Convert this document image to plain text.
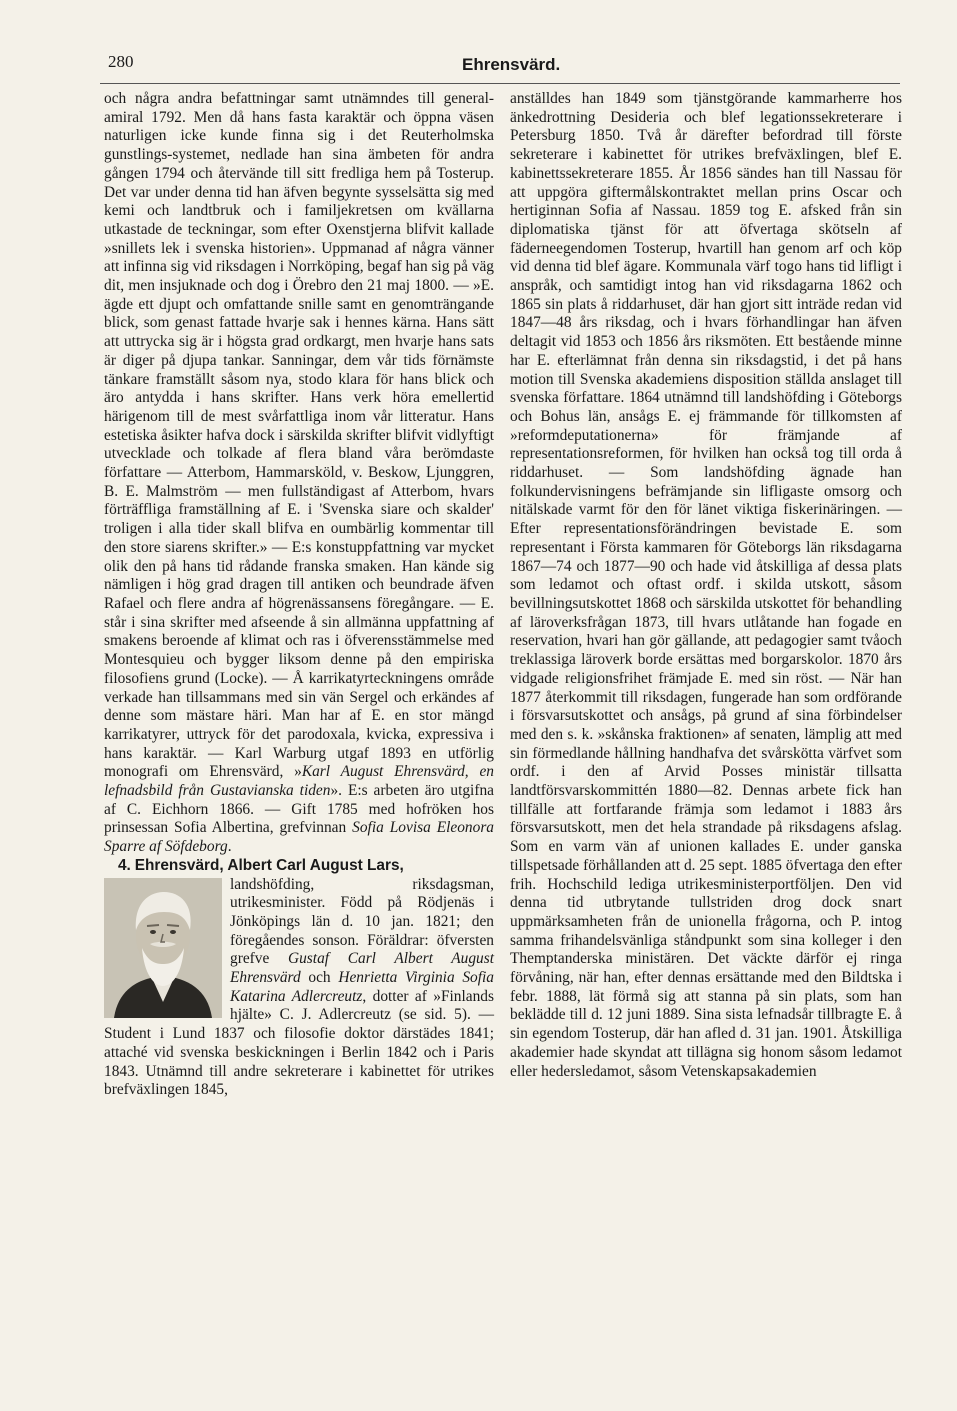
280	Ehrensvärd.

och några andra befattningar samt utnämndes till general-amiral 1792. Men då hans fasta karaktär och öppna väsen naturligen icke kunde finna sig i det Reuterholmska gunstlings-systemet, nedlade han sina ämbeten för andra gången 1794 och återvände till sitt fredliga hem på Tosterup. Det var under denna tid han äfven begynte sysselsätta sig med kemi och landtbruk och i familjekretsen om kvällarna utkastade de teckningar, som efter Oxenstjerna blifvit kallade »snillets lek i svenska historien». Uppmanad af några vänner att infinna sig vid riksdagen i Norrköping, begaf han sig på väg dit, men insjuknade och dog i Örebro den 21 maj 1800. — »E. ägde ett djupt och omfattande snille samt en genomträngande blick, som genast fattade hvarje sak i hennes kärna. Hans sätt att uttrycka sig är i högsta grad ordkargt, men hvarje hans sats är diger på djupa tankar. Sanningar, dem vår tids förnämste tänkare framställt såsom nya, stodo klara för hans blick och äro antydda i hans skrifter. Hans verk höra emellertid härigenom till de mest svårfattliga inom vår litteratur. Hans estetiska åsikter hafva dock i särskilda skrifter blifvit vidlyftigt utvecklade och tolkade af flera bland våra berömdaste författare — Atterbom, Hammarsköld, v. Beskow, Ljunggren, B. E. Malmström — men fullständigast af Atterbom, hvars förträffliga framställning af E. i 'Svenska siare och skalder' troligen i alla tider skall blifva en oumbärlig kommentar till den store siarens skrifter.» — E:s konstuppfattning var mycket olik den på hans tid rådande franska smaken. Han kände sig nämligen i hög grad dragen till antiken och beundrade äfven Rafael och flere andra af högrenässansens föregångare. — E. står i sina skrifter med afseende å sin allmänna uppfattning af smakens beroende af klimat och ras i öfverensstämmelse med Montesquieu och bygger liksom denne på den empiriska filosofiens grund (Locke). — Å karrikatyrteckningens område verkade han tillsammans med sin vän Sergel och erkändes af denne som mästare häri. Man har af E. en stor mängd karrikatyrer, uttryck för det parodoxala, kvicka, expressiva i hans karaktär. — Karl Warburg utgaf 1893 en utförlig monografi om Ehrensvärd, »Karl August Ehrensvärd, en lefnadsbild från Gustavianska tiden». E:s arbeten äro utgifna af C. Eichhorn 1866. — Gift 1785 med hofröken hos prinsessan Sofia Albertina, grefvinnan Sofia Lovisa Eleonora Sparre af Söfdeborg.

4. Ehrensvärd, Albert Carl August Lars,

landshöfding, riksdagsman, utrikesminister. Född på Rödjenäs i Jönköpings län d. 10 jan. 1821; den föregåendes sonson. Föräldrar: öfversten grefve Gustaf Carl Albert August Ehrensvärd och Henrietta Virginia Sofia Katarina Adlercreutz, dotter af »Finlands hjälte» C. J. Adlercreutz (se sid. 5). — Student i Lund 1837 och filosofie doktor därstädes 1841; attaché vid svenska beskickningen i Berlin 1842 och i Paris 1843. Utnämnd till andre sekreterare i kabinettet för utrikes brefväxlingen 1845,

anställdes han 1849 som tjänstgörande kammarherre hos änkedrottning Desideria och blef legationssekreterare i Petersburg 1850. Två år därefter befordrad till förste sekreterare i kabinettet för utrikes brefväxlingen, blef E. kabinettssekreterare 1855. År 1856 sändes han till Nassau för att uppgöra giftermålskontraktet mellan prins Oscar och hertiginnan Sofia af Nassau. 1859 tog E. afsked från sin diplomatiska tjänst för att öfvertaga skötseln af fäderneegendomen Tosterup, hvartill han genom arf och köp vid denna tid blef ägare. Kommunala värf togo hans tid lifligt i anspråk, och samtidigt intog han vid riksdagarna 1862 och 1865 sin plats å riddarhuset, där han gjort sitt inträde redan vid 1847—48 års riksdag, och i hvars förhandlingar han äfven deltagit vid 1853 och 1856 års riksmöten. Ett bestående minne har E. efterlämnat från denna sin riksdagstid, i det på hans motion till Svenska akademiens disposition ställda anslaget till svenska författare. 1864 utnämnd till landshöfding i Göteborgs och Bohus län, ansågs E. ej främmande för tillkomsten af »reformdeputationerna» för främjande af representationsreformen, för hvilken han också tog till orda å riddarhuset. — Som landshöfding ägnade han folkundervisningens befrämjande sin lifligaste omsorg och nitälskade varmt för den för länet viktiga fiskerinäringen. — Efter representationsförändringen bevistade E. som representant i Första kammaren för Göteborgs län riksdagarna 1867—74 och 1877—90 och hade vid åtskilliga af dessa plats som ledamot och oftast ordf. i skilda utskott, såsom bevillningsutskottet 1868 och särskilda utskottet för behandling af läroverksfrågan 1873, till hvars utlåtande han fogade en reservation, hvari han gör gällande, att pedagogier samt tvåoch treklassiga läroverk borde ersättas med borgarskolor. 1870 års vidgade religionsfrihet främjade E. med sin röst. — När han 1877 återkommit till riksdagen, fungerade han som ordförande i försvarsutskottet och ansågs, på grund af sina förbindelser med den s. k. »skånska fraktionen» af senaten, lämplig att med sin förmedlande hållning handhafva det svårskötta värfvet som ordf. i den af Arvid Posses ministär tillsatta landtförsvarskommittén 1880—82. Dennas arbete fick han tillfälle att fortfarande främja som ledamot i 1883 års försvarsutskott, men det hela strandade på riksdagens afslag. Som en varm vän af unionen kallades E. under ganska tillspetsade förhållanden att d. 25 sept. 1885 öfvertaga den efter frih. Hochschild lediga utrikesministerportföljen. Den vid denna tid utbrytande tullstriden drog dock snart uppmärksamheten från de unionella frågorna, och P. intog samma frihandelsvänliga ståndpunkt som sina kolleger i den Themptanderska ministären. Det väckte därför ej ringa förvåning, när han, efter dennas ersättande med den Bildtska i febr. 1888, lät förmå sig att stanna på sin plats, som han beklädde till d. 12 juni 1889. Sina sista lefnadsår tillbragte E. å sin egendom Tosterup, där han afled d. 31 jan. 1901. Åtskilliga akademier hade skyndat att tillägna sig honom såsom ledamot eller hedersledamot, såsom Vetenskapsakademien
